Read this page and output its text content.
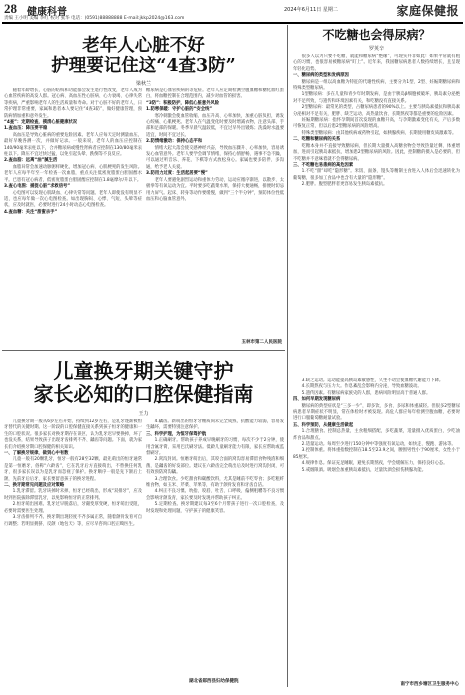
28 健康科普
责编 王小明 美编 李红 校对 张华 电话：(0591)88888888 E-mail:jkkp2024@163.com
2024年6月11日 星期二	家庭保健报
老年人心脏不好
护理要记住这“4查3防”
梁秋兰

随着年龄增长，心脏的结构和功能都会发生退行性改变，老年人成为心血管疾病的高发人群。冠心病、高血压性心脏病、心力衰竭、心律失常等疾病，严重影响老年人的生活质量和寿命。对于心脏不好的老年人，日常护理非常重要，家属和患者本人要记住“4查3防”，做好健康管理，预防病情加重和意外发生。

“4查”：定期检查，摸清心脏健康状况

1.查血压：降压要平稳

高血压是导致心脏病的重要危险因素。老年人应每天定时测量血压，最好早晚各测一次，并做好记录。一般来说，老年人的血压应控制在140/90毫米汞柱以下，合并糖尿病或慢性肾病者应控制在130/80毫米汞柱以下。降压不宜过快过猛，以免引起头晕、跌倒等不良反应。

2.查血脂：远离“油”腻生活

血脂异常会加速动脉粥样硬化，增加冠心病、心肌梗死的发生风险。老年人应每半年至一年检查一次血脂，重点关注低密度脂蛋白胆固醇水平。已患有冠心病者，低密度脂蛋白胆固醇应控制在1.8毫摩尔/升以下。

3.查心电图：捕捉心脏“求救信号”

心电图可以发现心肌缺血、心律失常等问题。老年人即使没有明显不适，也应每年做一次心电图检查。如出现胸闷、心悸、气短、头晕等症状，应及时就医，必要时进行24小时动态心电图检查。

4.查血糖：关注“甜蜜杀手”

糖尿病是心血管疾病的等危症。老年人应定期检测空腹血糖和糖化血红蛋白，将血糖控制在合理范围内，减少对血管的损害。

“3防”：积极防护，降低心脏意外风险

1.防寒保暖：守护心脏的“安全线”

寒冷刺激会使血管收缩、血压升高、心率加快，加重心脏负担，诱发心绞痛、心肌梗死。老年人在气温变化时要及时增减衣物，注意头部、手部和足部的保暖。冬季早晨气温较低，不宜过早外出锻炼；洗澡时水温要适宜，时间不宜过长。

2.防情绪激动：保持心态平和

情绪大起大落会使交感神经兴奋，导致血压骤升、心率加快，容易诱发心血管意外。老年人要学会调节情绪，保持心情舒畅，遇事不急不躁，可以通过听音乐、养花、下棋等方式放松身心。家属也要多陪伴、多沟通，给予老人关爱。

3.防用力过度：生活起居要“慢”

老年人要避免剧烈运动和重体力劳动，运动应循序渐进，以散步、太极拳等有氧运动为宜。平时要多吃蔬菜水果，保持大便通畅，排便时切忌用力屏气。起床、转身等动作要缓慢，做到“三个半分钟”，预防体位性低血压和心脑血管意外。

玉林市第二人民医院
儿童换牙期关键守护
家长必知的口腔保健指南
王力

儿童换牙期一般从6岁左右开始，持续到12岁左右，是乳牙逐渐被恒牙替代的关键时期。这一阶段的口腔保健直接关系到孩子恒牙的健康和一生的口腔状况。很多家长对换牙期存在误区，认为乳牙迟早要换掉，坏了也没关系，结果导致孩子出现牙齿排列不齐、龋齿等问题。下面，就为家长们介绍换牙期口腔保健的相关知识。

一、了解换牙规律，做到心中有数

儿童一般有20颗乳牙，恒牙一般有28至32颗。最先萌出的恒牙通常是第一恒磨牙，俗称“六龄齿”，它在乳牙后方直接萌出，不替换任何乳牙，很多家长误以为是乳牙而忽视了保护。换牙顺序一般是先下颌后上颌，先前牙后后牙，家长要留意孩子的换牙进程。

二、换牙期常见问题及应对策略

1.乳牙滞留。乳牙该掉时未掉，恒牙已经萌出，形成“双排牙”，应及时到医院拔除滞留乳牙，以免影响恒牙的正常排列。

2.恒牙萌出困难。乳牙过早脱落后，牙龈变厚变硬，恒牙萌出受阻，必要时需要医生处理。

3.牙齿排列不齐。换牙期出现轻度不齐多属正常，随着颌骨发育可自行调整；若明显拥挤、反颌（地包天）等，应尽早咨询口腔正畸医生。

4.龋齿。新萌出的恒牙牙釉质尚未完全成熟，抗酸能力较弱，容易发生龋坏，需要特别注意保护。

三、科学护理，为恒牙保驾护航

1.正确刷牙。帮助孩子养成早晚刷牙的习惯，每次不少于2分钟，使用含氟牙膏，采用巴氏刷牙法。低龄儿童刷牙能力有限，家长应帮助或监督刷牙。

2.窝沟封闭。恒磨牙萌出后，其咬合面的窝沟容易滞留食物残渣和细菌，是龋齿的好发部位。建议在六龄齿完全萌出后及时进行窝沟封闭，可有效预防窝沟龋。

3.合理饮食。少吃甜食和碳酸饮料，尤其是睡前不吃零食；多吃粗纤维食物，如玉米、芹菜、苹果等，有助于颌骨发育和牙齿自洁。

4.纠正不良习惯。吮指、咬唇、吐舌、口呼吸、偏侧咀嚼等不良习惯会影响牙颌发育，家长要及时发现并帮助孩子纠正。

5.定期检查。换牙期建议每3至6个月带孩子进行一次口腔检查，及时发现和处理问题，守护孩子的健康笑容。

湖北省郧西县妇幼保健院
不吃糖也会得尿病？
罗英辛

很多人以为只要不吃糖，就能和糖尿病“绝缘”，可现实并非如此！如果平常就有粗心的习惯，也很容易被糖尿病“盯上”。近年来，我国糖尿病患者人数持续增长，且呈现年轻化趋势。

一、糖尿病的类型和发病原因

糖尿病是一组以高血糖为特征的代谢性疾病，主要分为1型、2型、妊娠期糖尿病和特殊类型糖尿病。

1型糖尿病：多在儿童和青少年时期发病，是由于胰岛β细胞被破坏，胰岛素分泌绝对不足所致，与遗传和环境因素有关，和吃糖没有直接关系。

2型糖尿病：最常见的类型，占糖尿病患者的90%以上。主要与胰岛素抵抗和胰岛素分泌相对不足有关，肥胖、缺乏运动、高热量饮食、长期熬夜等都是重要的危险因素。

妊娠期糖尿病：指怀孕期间首次发现的血糖升高，与孕期激素变化有关，产后多数可恢复正常，但以后患2型糖尿病的风险增高。

特殊类型糖尿病：由其他疾病或药物引起，如胰腺疾病、长期使用糖皮质激素等。

二、吃糖和糖尿病的关系

吃糖本身并不直接导致糖尿病，但长期大量摄入高糖食物会导致热量过剩、体重增加，进而引起胰岛素抵抗，增加患2型糖尿病的风险。因此，控制糖的摄入是必要的，但不吃糖并不意味着就不会得糖尿病。

三、不吃糖也易患病的高危因素

1.不吃“甜”却吃“隐形糖”。米饭、面条、馒头等精制主食进入人体后会迅速转化为葡萄糖，很多加工食品中也含有大量的“隐形糖”。

2.肥胖。腹型肥胖者更容易发生胰岛素抵抗。

3.缺乏运动。运动能提高胰岛素敏感性，久坐不动会使血糖代谢能力下降。

4.长期熬夜与压力大。作息紊乱会影响内分泌，导致血糖波动。

5.遗传因素。有糖尿病家族史的人群，患病风险明显高于普通人群。

四、如何早期发现糖尿病

糖尿病的典型症状是“三多一少”，即多饮、多食、多尿和体重减轻。但很多2型糖尿病患者早期症状不明显，常在体检时才被发现。高危人群应每年检测空腹血糖，必要时进行口服葡萄糖耐量试验。

五、科学预防，从健康生活做起

1.合理膳食。控制总热量，主食粗细搭配，多吃蔬菜，适量摄入优质蛋白，少吃油炸食品和甜点。

2.适量运动。每周至少进行150分钟中等强度有氧运动，如快走、慢跑、游泳等。

3.控制体重。将体重指数控制在18.5至23.9之间，腰围男性小于90厘米，女性小于85厘米。

4.规律作息。保证充足睡眠，避免长期熬夜，学会缓解压力，保持良好心态。

5.戒烟限酒。吸烟会加重胰岛素抵抗，过量饮酒会损伤胰腺功能。

南宁市西乡塘区卫生服务中心
